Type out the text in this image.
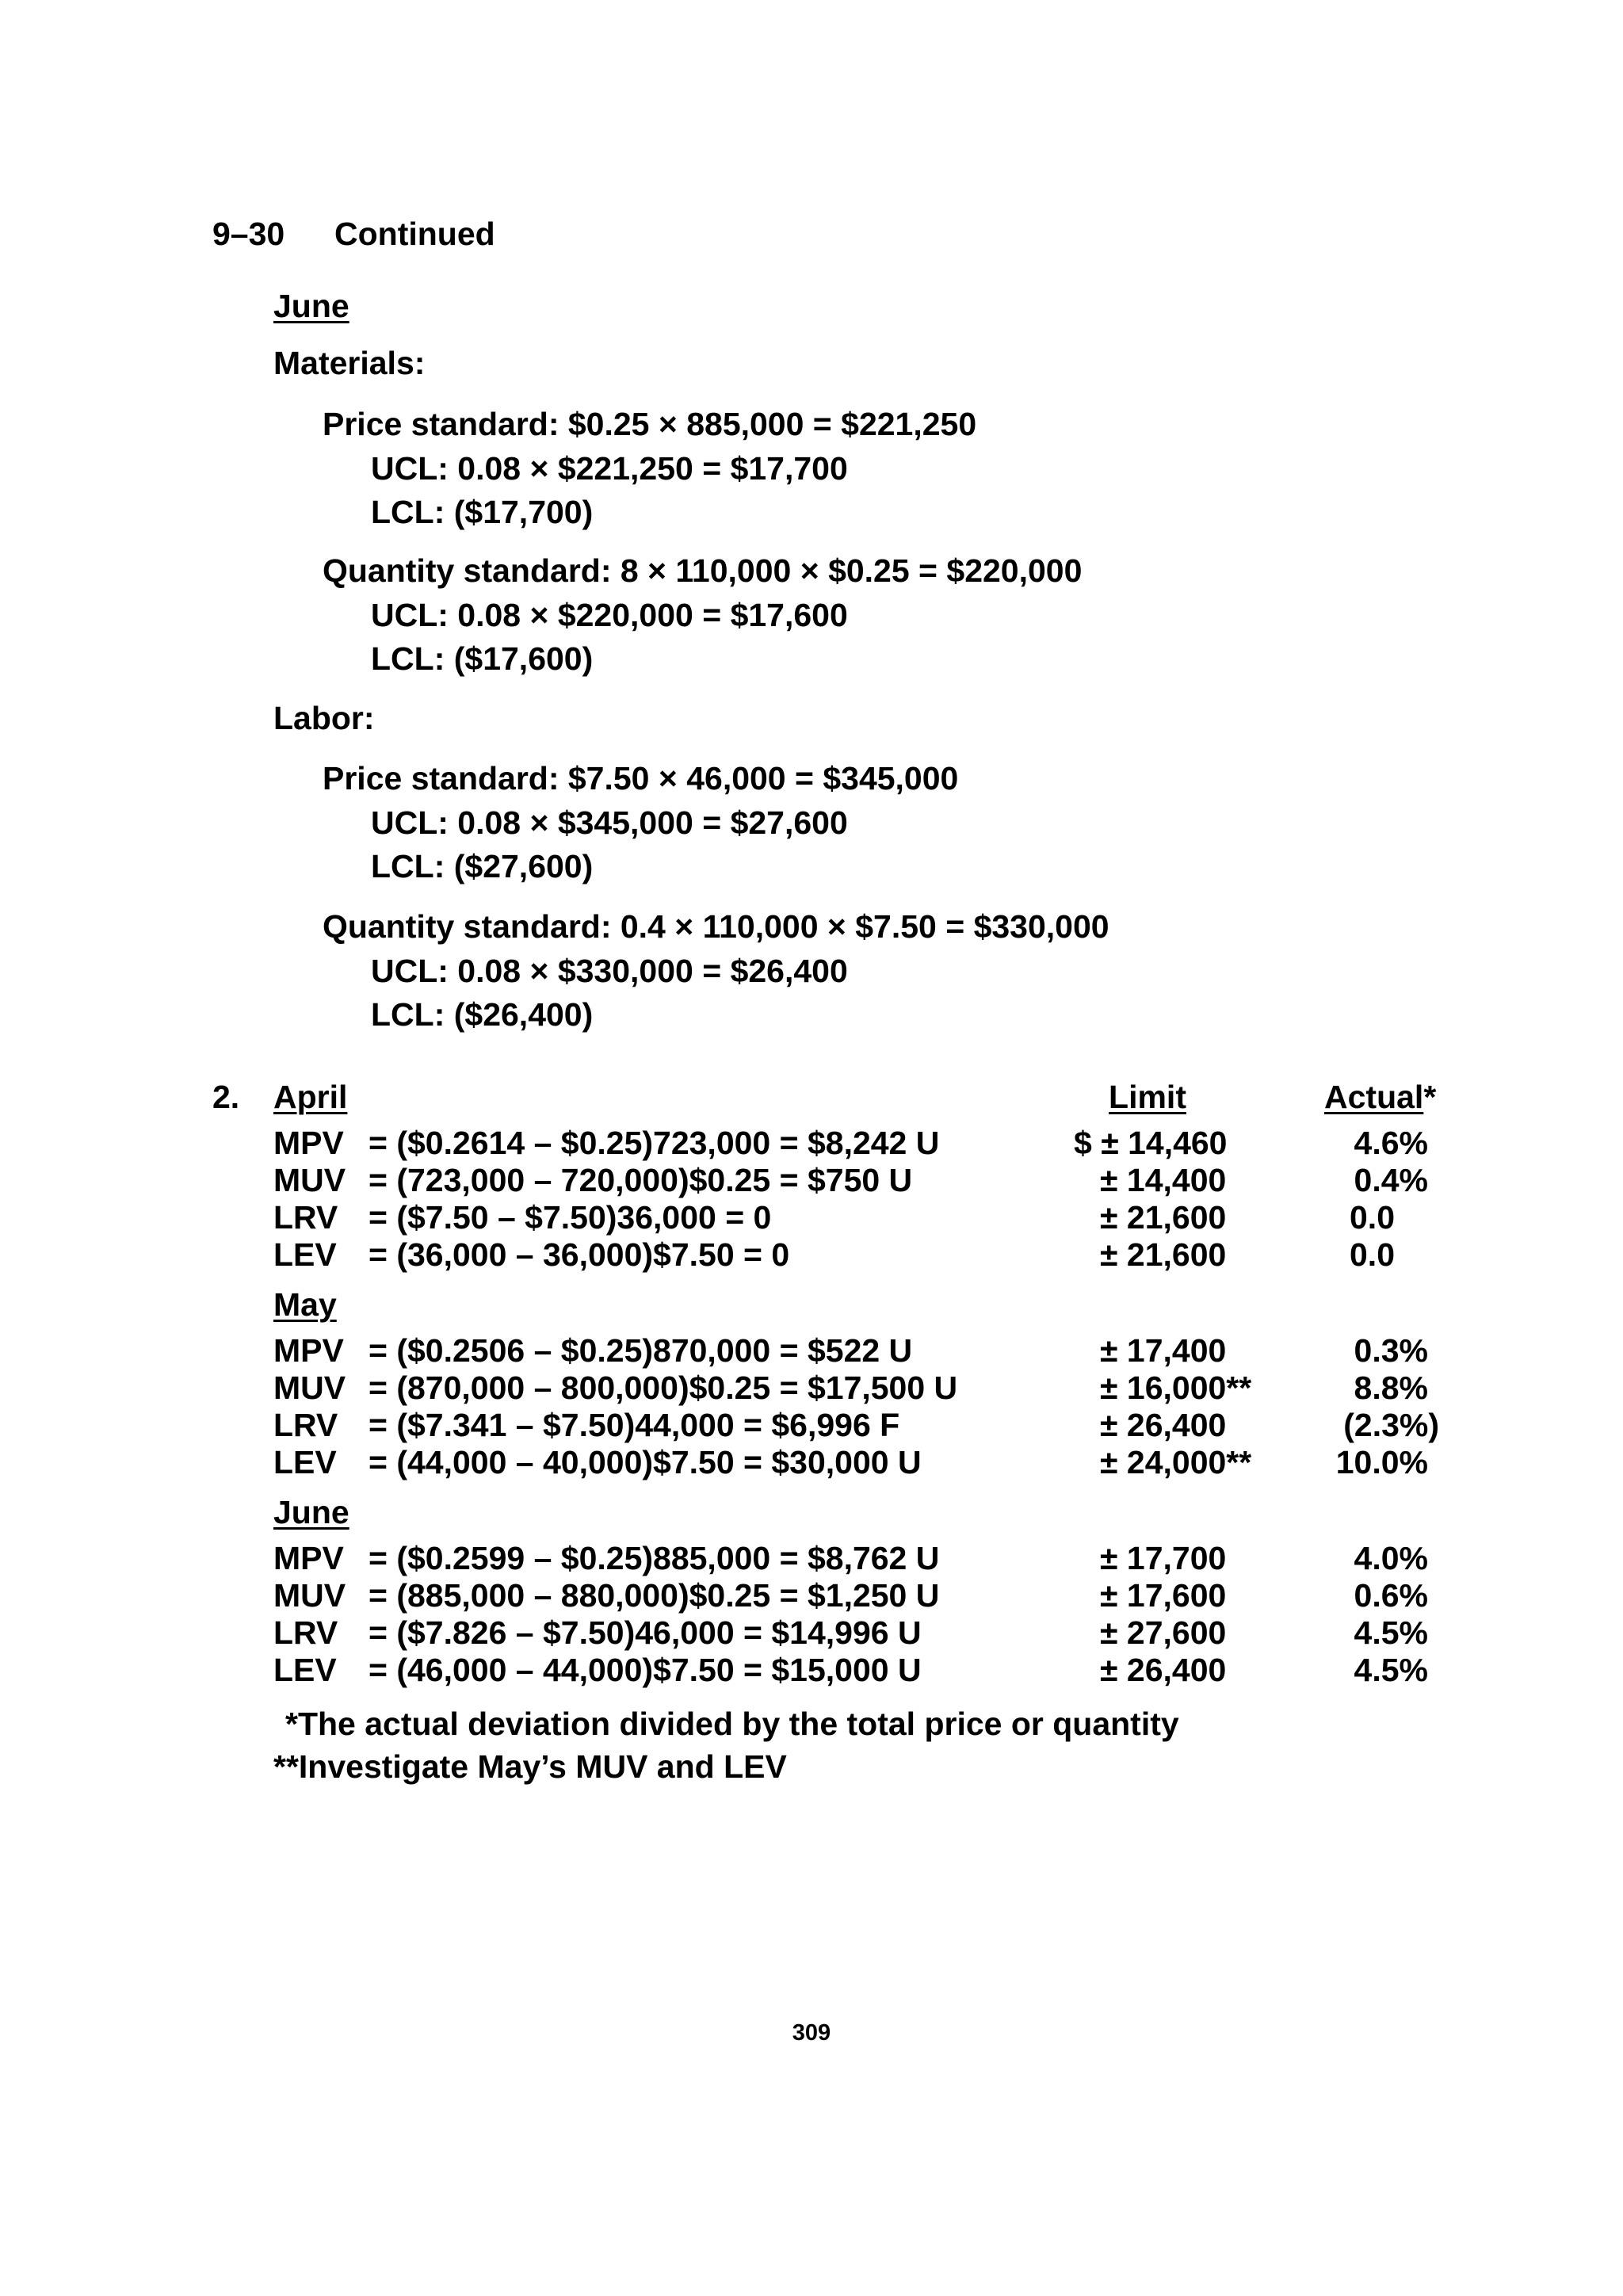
9–30 Continued
June
Materials:
Price standard: $0.25 × 885,000 = $221,250
UCL: 0.08 × $221,250 = $17,700
LCL: ($17,700)
Quantity standard: 8 × 110,000 × $0.25 = $220,000
UCL: 0.08 × $220,000 = $17,600
LCL: ($17,600)
Labor:
Price standard: $7.50 × 46,000 = $345,000
UCL: 0.08 × $345,000 = $27,600
LCL: ($27,600)
Quantity standard: 0.4 × 110,000 × $7.50 = $330,000
UCL: 0.08 × $330,000 = $26,400
LCL: ($26,400)
2. April	Limit	Actual*
MPV = ($0.2614 – $0.25)723,000 = $8,242 U	$ ± 14,460	4.6%
MUV = (723,000 – 720,000)$0.25 = $750 U	± 14,400	0.4%
LRV = ($7.50 – $7.50)36,000 = 0	± 21,600	0.0
LEV = (36,000 – 36,000)$7.50 = 0	± 21,600	0.0
May
MPV = ($0.2506 – $0.25)870,000 = $522 U	± 17,400	0.3%
MUV = (870,000 – 800,000)$0.25 = $17,500 U	± 16,000**	8.8%
LRV = ($7.341 – $7.50)44,000 = $6,996 F	± 26,400	(2.3%)
LEV = (44,000 – 40,000)$7.50 = $30,000 U	± 24,000**	10.0%
June
MPV = ($0.2599 – $0.25)885,000 = $8,762 U	± 17,700	4.0%
MUV = (885,000 – 880,000)$0.25 = $1,250 U	± 17,600	0.6%
LRV = ($7.826 – $7.50)46,000 = $14,996 U	± 27,600	4.5%
LEV = (46,000 – 44,000)$7.50 = $15,000 U	± 26,400	4.5%
*The actual deviation divided by the total price or quantity
**Investigate May’s MUV and LEV
309
